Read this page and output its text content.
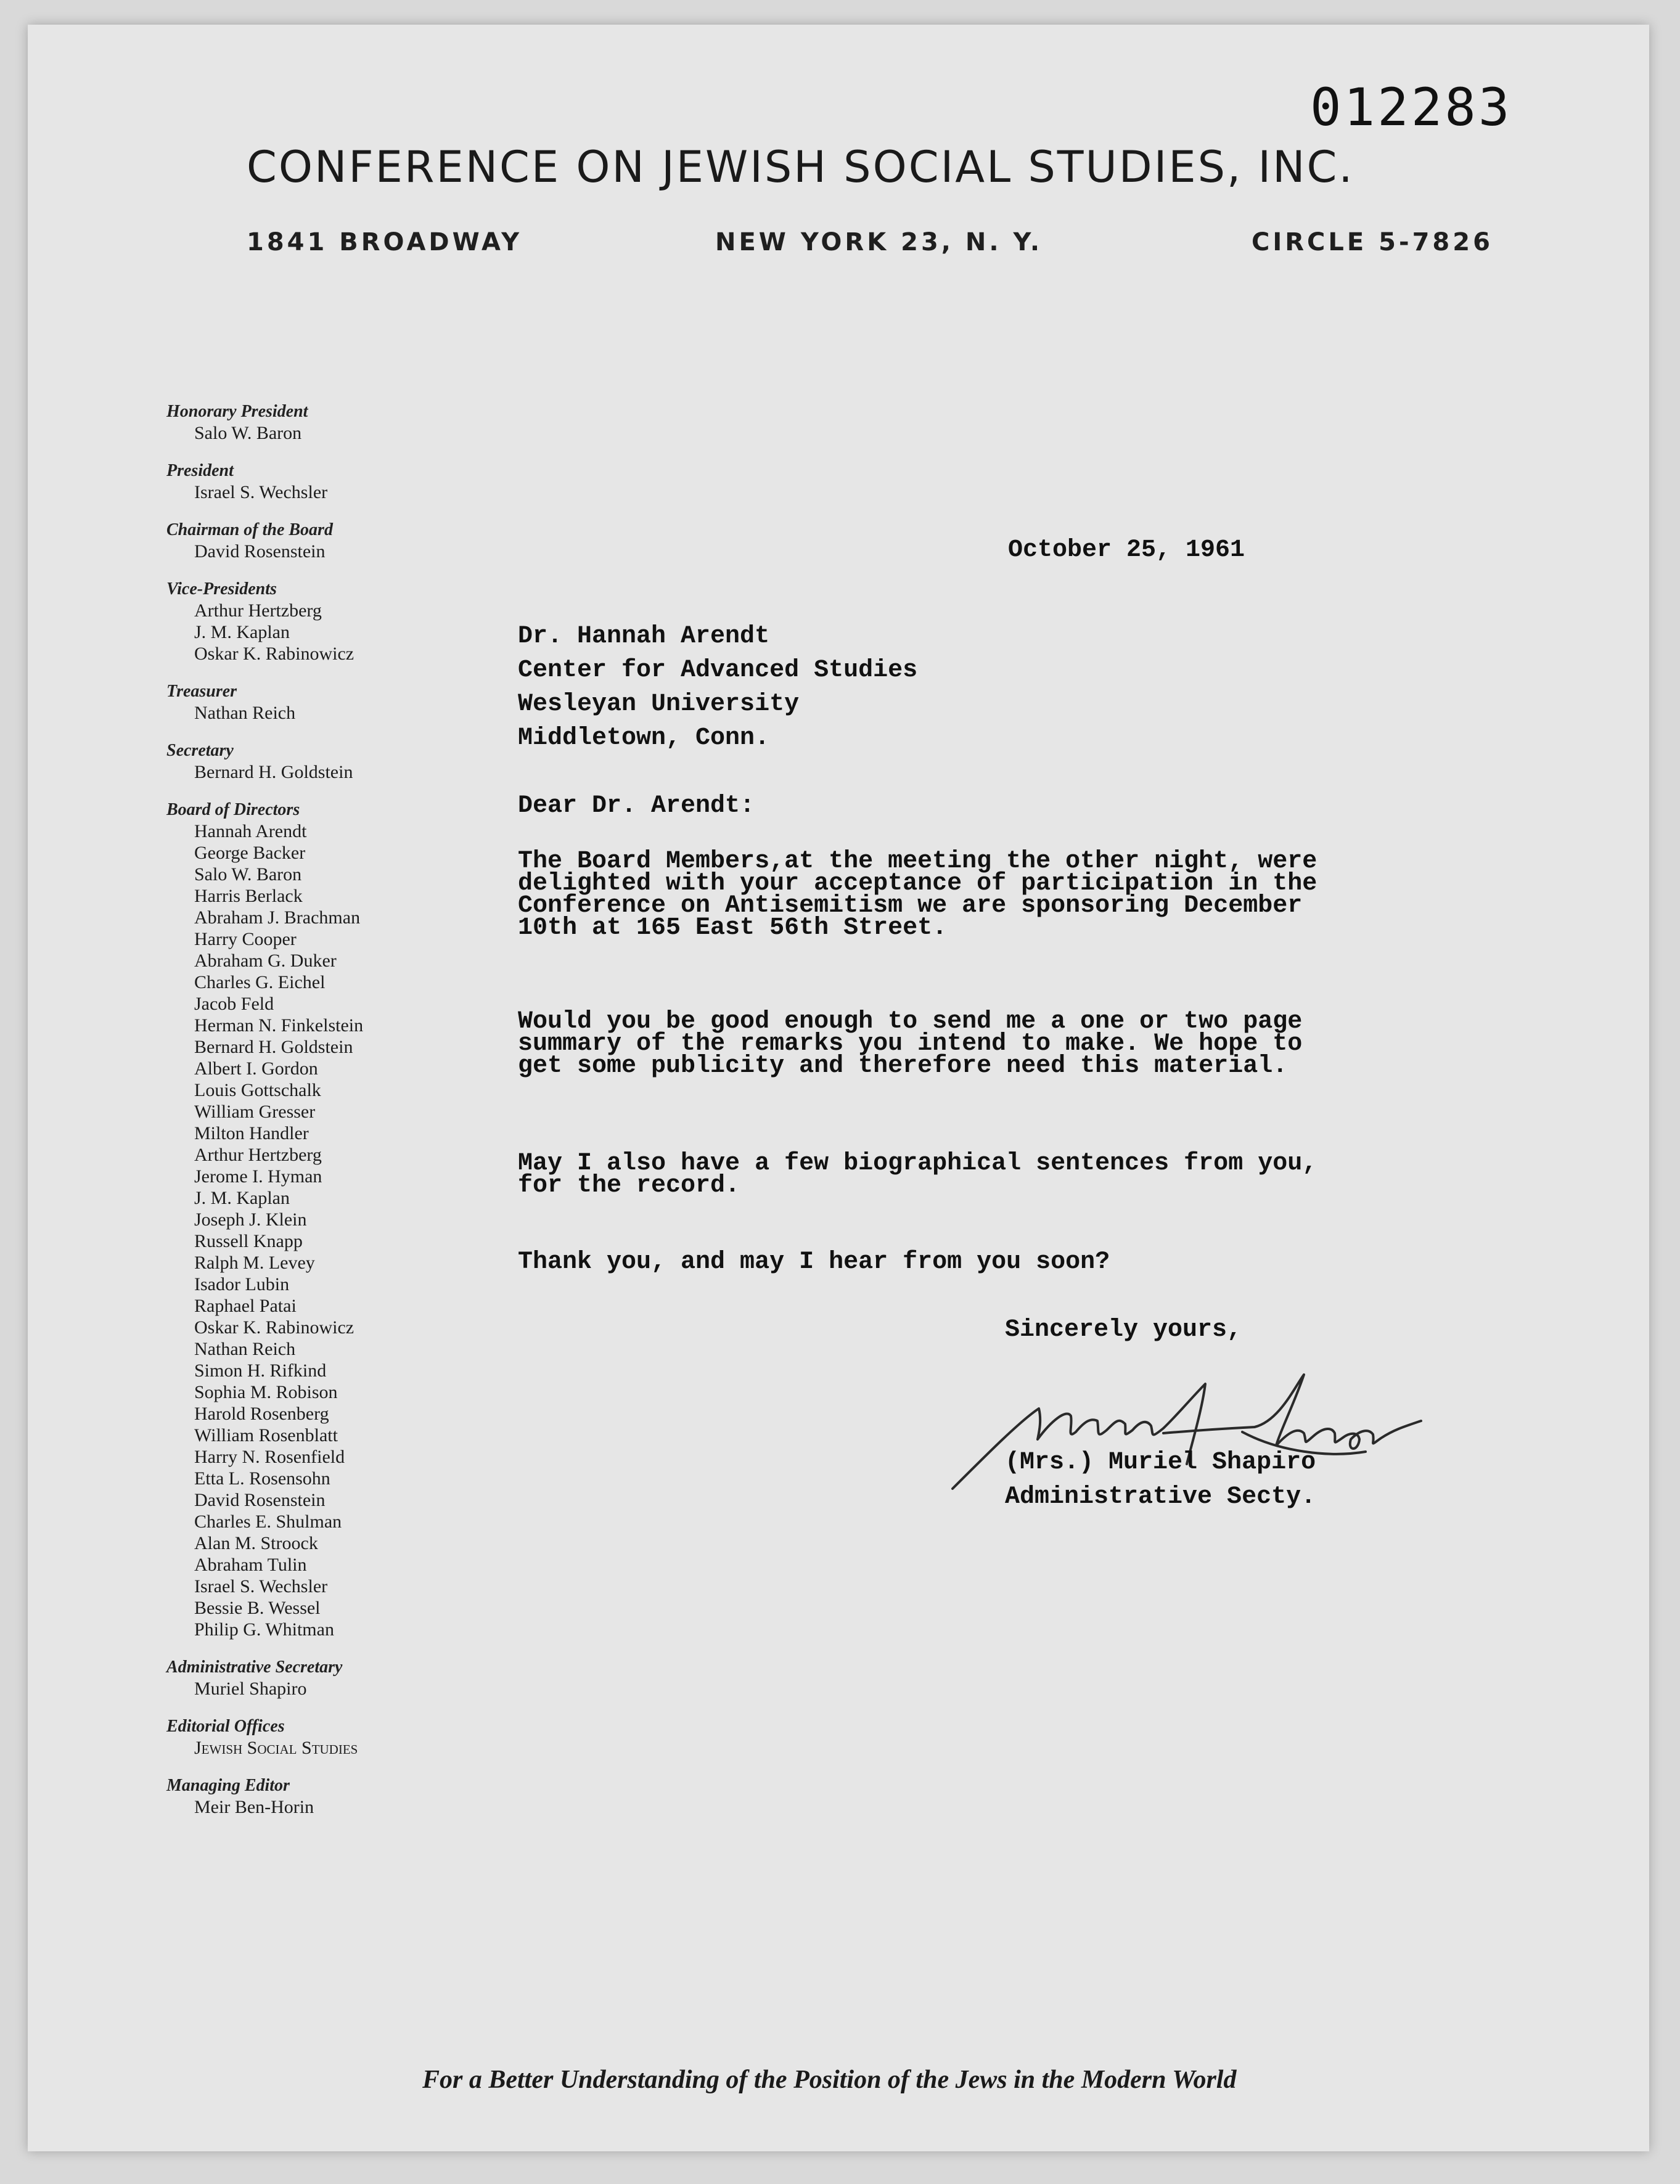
012283
CONFERENCE ON JEWISH SOCIAL STUDIES, INC.
1841 BROADWAY	NEW YORK 23, N. Y.	CIRCLE 5-7826
Honorary President
Salo W. Baron
President
Israel S. Wechsler
Chairman of the Board
David Rosenstein
Vice-Presidents
Arthur Hertzberg
J. M. Kaplan
Oskar K. Rabinowicz
Treasurer
Nathan Reich
Secretary
Bernard H. Goldstein
Board of Directors
Hannah Arendt
George Backer
Salo W. Baron
Harris Berlack
Abraham J. Brachman
Harry Cooper
Abraham G. Duker
Charles G. Eichel
Jacob Feld
Herman N. Finkelstein
Bernard H. Goldstein
Albert I. Gordon
Louis Gottschalk
William Gresser
Milton Handler
Arthur Hertzberg
Jerome I. Hyman
J. M. Kaplan
Joseph J. Klein
Russell Knapp
Ralph M. Levey
Isador Lubin
Raphael Patai
Oskar K. Rabinowicz
Nathan Reich
Simon H. Rifkind
Sophia M. Robison
Harold Rosenberg
William Rosenblatt
Harry N. Rosenfield
Etta L. Rosensohn
David Rosenstein
Charles E. Shulman
Alan M. Stroock
Abraham Tulin
Israel S. Wechsler
Bessie B. Wessel
Philip G. Whitman
Administrative Secretary
Muriel Shapiro
Editorial Offices
Jewish Social Studies
Managing Editor
Meir Ben-Horin
October 25, 1961
Dr. Hannah Arendt
Center for Advanced Studies
Wesleyan University
Middletown, Conn.
Dear Dr. Arendt:
The Board Members,at the meeting the other night, were
delighted with your acceptance of participation in the
Conference on Antisemitism we are sponsoring December
10th at 165 East 56th Street.
Would you be good enough to send me a one or two page
summary of the remarks you intend to make. We hope to
get some publicity and therefore need this material.
May I also have a few biographical sentences from you,
for the record.
Thank you, and may I hear from you soon?
Sincerely yours,
(Mrs.) Muriel Shapiro
Administrative Secty.
For a Better Understanding of the Position of the Jews in the Modern World
